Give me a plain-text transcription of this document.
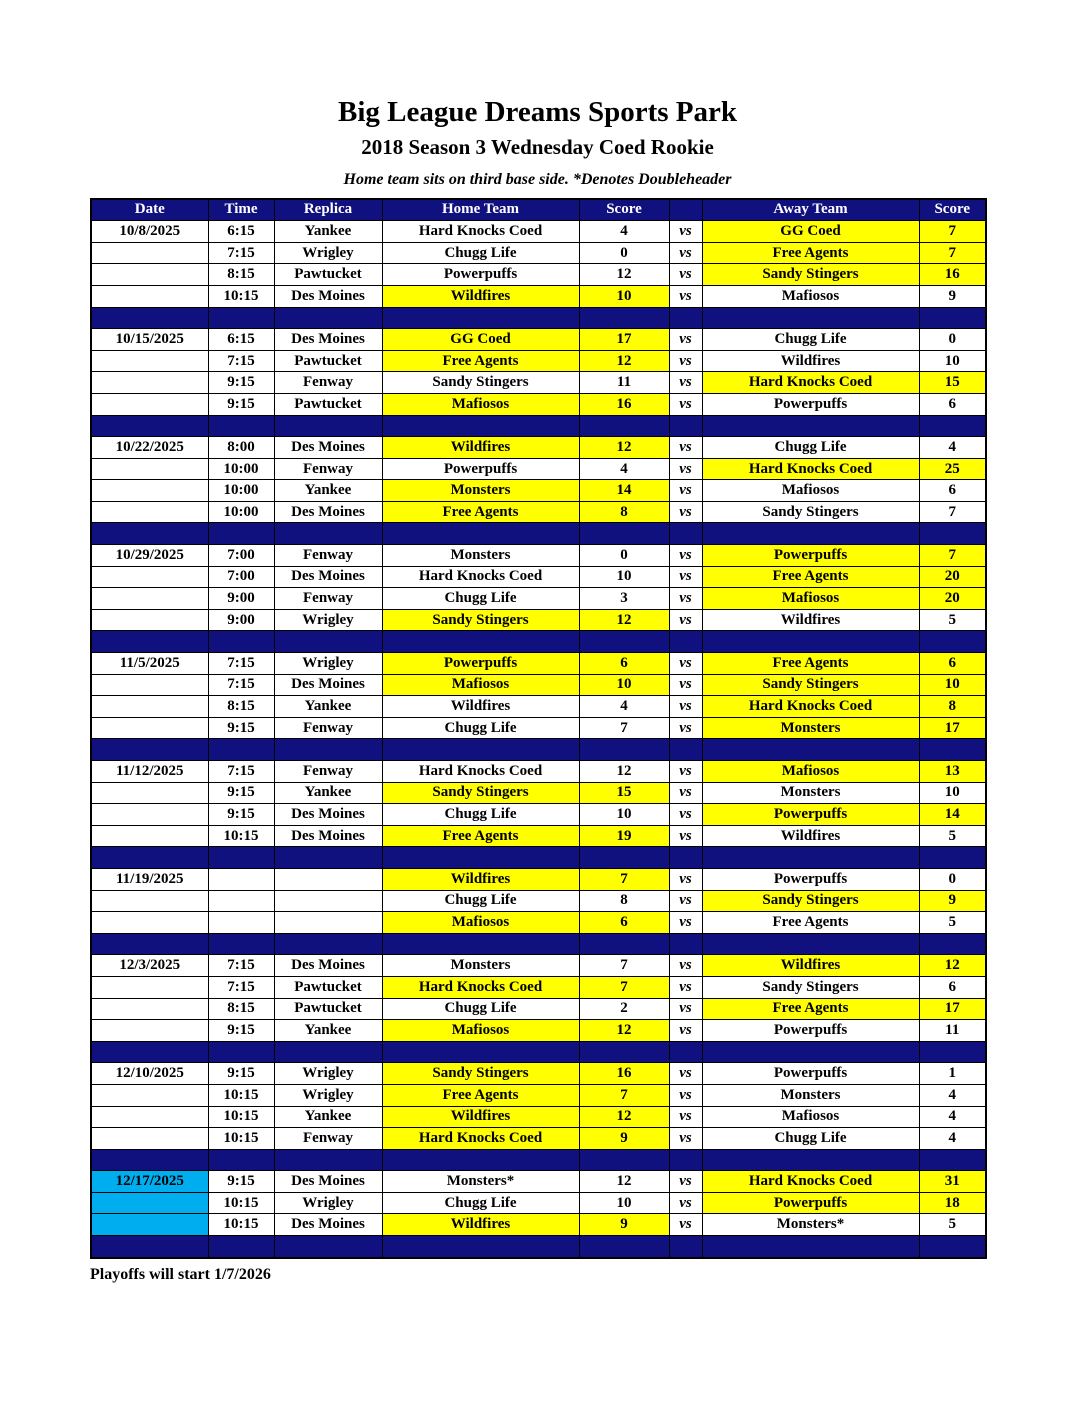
Big League Dreams Sports Park
2018 Season 3 Wednesday Coed Rookie
Home team sits on third base side. *Denotes Doubleheader
Date	Time	Replica	Home Team	Score		Away Team	Score
10/8/2025	6:15	Yankee	Hard Knocks Coed	4	vs	GG Coed	7
	7:15	Wrigley	Chugg Life	0	vs	Free Agents	7
	8:15	Pawtucket	Powerpuffs	12	vs	Sandy Stingers	16
	10:15	Des Moines	Wildfires	10	vs	Mafiosos	9

10/15/2025	6:15	Des Moines	GG Coed	17	vs	Chugg Life	0
	7:15	Pawtucket	Free Agents	12	vs	Wildfires	10
	9:15	Fenway	Sandy Stingers	11	vs	Hard Knocks Coed	15
	9:15	Pawtucket	Mafiosos	16	vs	Powerpuffs	6

10/22/2025	8:00	Des Moines	Wildfires	12	vs	Chugg Life	4
	10:00	Fenway	Powerpuffs	4	vs	Hard Knocks Coed	25
	10:00	Yankee	Monsters	14	vs	Mafiosos	6
	10:00	Des Moines	Free Agents	8	vs	Sandy Stingers	7

10/29/2025	7:00	Fenway	Monsters	0	vs	Powerpuffs	7
	7:00	Des Moines	Hard Knocks Coed	10	vs	Free Agents	20
	9:00	Fenway	Chugg Life	3	vs	Mafiosos	20
	9:00	Wrigley	Sandy Stingers	12	vs	Wildfires	5

11/5/2025	7:15	Wrigley	Powerpuffs	6	vs	Free Agents	6
	7:15	Des Moines	Mafiosos	10	vs	Sandy Stingers	10
	8:15	Yankee	Wildfires	4	vs	Hard Knocks Coed	8
	9:15	Fenway	Chugg Life	7	vs	Monsters	17

11/12/2025	7:15	Fenway	Hard Knocks Coed	12	vs	Mafiosos	13
	9:15	Yankee	Sandy Stingers	15	vs	Monsters	10
	9:15	Des Moines	Chugg Life	10	vs	Powerpuffs	14
	10:15	Des Moines	Free Agents	19	vs	Wildfires	5

11/19/2025			Wildfires	7	vs	Powerpuffs	0
			Chugg Life	8	vs	Sandy Stingers	9
			Mafiosos	6	vs	Free Agents	5

12/3/2025	7:15	Des Moines	Monsters	7	vs	Wildfires	12
	7:15	Pawtucket	Hard Knocks Coed	7	vs	Sandy Stingers	6
	8:15	Pawtucket	Chugg Life	2	vs	Free Agents	17
	9:15	Yankee	Mafiosos	12	vs	Powerpuffs	11

12/10/2025	9:15	Wrigley	Sandy Stingers	16	vs	Powerpuffs	1
	10:15	Wrigley	Free Agents	7	vs	Monsters	4
	10:15	Yankee	Wildfires	12	vs	Mafiosos	4
	10:15	Fenway	Hard Knocks Coed	9	vs	Chugg Life	4

12/17/2025	9:15	Des Moines	Monsters*	12	vs	Hard Knocks Coed	31
	10:15	Wrigley	Chugg Life	10	vs	Powerpuffs	18
	10:15	Des Moines	Wildfires	9	vs	Monsters*	5

Playoffs will start 1/7/2026
